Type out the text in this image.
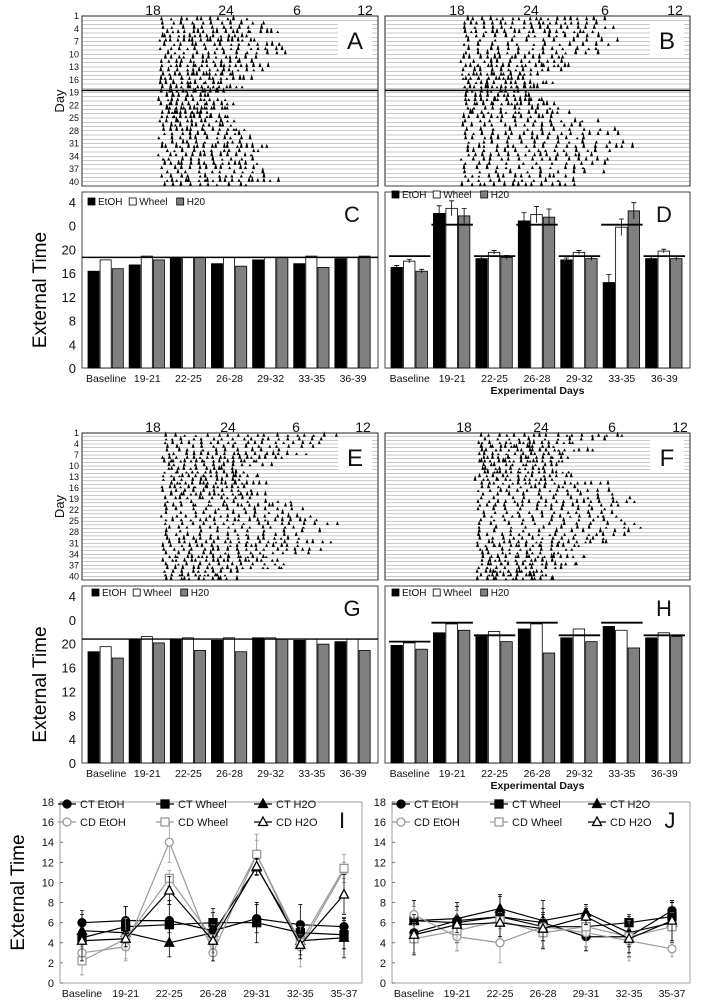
18	24	6	12
1
4
7
10
13
16
19
22
25
28
31
34
37
40
Day
A
18	24	6	12
B
18	24	6	12
1
4
7
10
13
16
19
22
25
28
31
34
37
40
Day
E
18	24	6	12
F
Baseline 19-21 22-25 26-28 29-32 33-35 36-39
4
0
20
16
12
8
4
0
External Time
EtOH Wheel H20	C
Baseline 19-21 22-25 26-28 29-32 33-35 36-39
Experimental Days
EtOH Wheel H20
D
Baseline 19-21 22-25 26-28 29-32 33-35 36-39
4
0
20
16
12
8
4
0
External Time
EtOH Wheel H20
G
Baseline 19-21 22-25 26-28 29-32 33-35 36-39
Experimental Days
EtOH Wheel H20
H
0
2
4
6
8
10
12
14
16
18
Baseline 19-21 22-25 26-28 29-31 32-35 35-37
CT EtOH	CT Wheel	CT H2O
CD EtOH	CD Wheel	CD H2O
External Time
I
0
2
4
6
8
10
12
14
16
18
Baseline 19-21 22-25 26-28 29-31 32-35 35-37
CT EtOH	CT Wheel	CT H2O
CD EtOH	CD Wheel	CD H2O J
